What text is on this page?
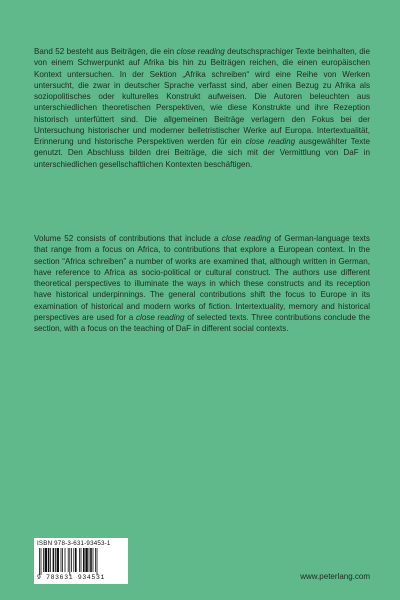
Band 52 besteht aus Beiträgen, die ein close reading deutschsprachiger Texte beinhalten, die von einem Schwerpunkt auf Afrika bis hin zu Beiträgen reichen, die einen europäischen Kontext untersuchen. In der Sektion „Afrika schreiben“ wird eine Reihe von Werken untersucht, die zwar in deutscher Sprache verfasst sind, aber einen Bezug zu Afrika als soziopolitisches oder kulturelles Konstrukt aufweisen. Die Autoren beleuchten aus unterschiedlichen theoretischen Perspektiven, wie diese Konstrukte und ihre Rezeption historisch unterfüttert sind. Die allgemeinen Beiträge verlagern den Fokus bei der Untersuchung historischer und moderner belletristischer Werke auf Europa. Intertextualität, Erinnerung und historische Perspektiven werden für ein close reading ausgewählter Texte genutzt. Den Abschluss bilden drei Beiträge, die sich mit der Vermittlung von DaF in unterschiedlichen gesellschaftlichen Kontexten beschäftigen.

Volume 52 consists of contributions that include a close reading of German-language texts that range from a focus on Africa, to contributions that explore a European context. In the section “Africa schreiben” a number of works are examined that, although written in German, have reference to Africa as socio-political or cultural construct. The authors use different theoretical perspectives to illuminate the ways in which these constructs and its reception have historical underpinnings. The general contributions shift the focus to Europe in its examination of historical and modern works of fiction. Intertextuality, memory and historical perspectives are used for a close reading of selected texts. Three contributions conclude the section, with a focus on the teaching of DaF in different social contexts.

ISBN 978-3-631-93453-1
9 783631 934531	www.peterlang.com
